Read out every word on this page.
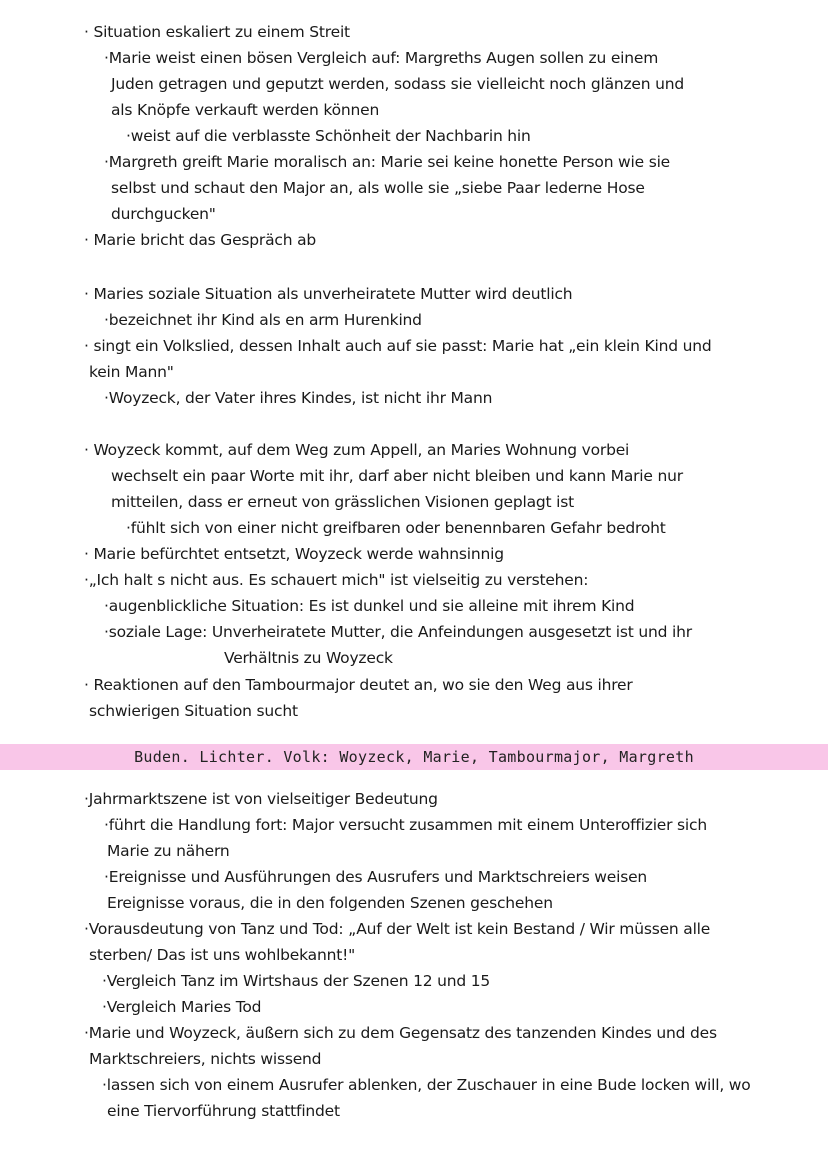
· Situation eskaliert zu einem Streit
·Marie weist einen bösen Vergleich auf: Margreths Augen sollen zu einem
Juden getragen und geputzt werden, sodass sie vielleicht noch glänzen und
als Knöpfe verkauft werden können
·weist auf die verblasste Schönheit der Nachbarin hin
·Margreth greift Marie moralisch an: Marie sei keine honette Person wie sie
selbst und schaut den Major an, als wolle sie „siebe Paar lederne Hose
durchgucken"
· Marie bricht das Gespräch ab
· Maries soziale Situation als unverheiratete Mutter wird deutlich
·bezeichnet ihr Kind als en arm Hurenkind
· singt ein Volkslied, dessen Inhalt auch auf sie passt: Marie hat „ein klein Kind und
kein Mann"
·Woyzeck, der Vater ihres Kindes, ist nicht ihr Mann
· Woyzeck kommt, auf dem Weg zum Appell, an Maries Wohnung vorbei
wechselt ein paar Worte mit ihr, darf aber nicht bleiben und kann Marie nur
mitteilen, dass er erneut von grässlichen Visionen geplagt ist
·fühlt sich von einer nicht greifbaren oder benennbaren Gefahr bedroht
· Marie befürchtet entsetzt, Woyzeck werde wahnsinnig
·„Ich halt s nicht aus. Es schauert mich" ist vielseitig zu verstehen:
·augenblickliche Situation: Es ist dunkel und sie alleine mit ihrem Kind
·soziale Lage: Unverheiratete Mutter, die Anfeindungen ausgesetzt ist und ihr
Verhältnis zu Woyzeck
· Reaktionen auf den Tambourmajor deutet an, wo sie den Weg aus ihrer
schwierigen Situation sucht
Buden. Lichter. Volk: Woyzeck, Marie, Tambourmajor, Margreth
·Jahrmarktszene ist von vielseitiger Bedeutung
·führt die Handlung fort: Major versucht zusammen mit einem Unteroffizier sich
Marie zu nähern
·Ereignisse und Ausführungen des Ausrufers und Marktschreiers weisen
Ereignisse voraus, die in den folgenden Szenen geschehen
·Vorausdeutung von Tanz und Tod: „Auf der Welt ist kein Bestand / Wir müssen alle
sterben/ Das ist uns wohlbekannt!"
·Vergleich Tanz im Wirtshaus der Szenen 12 und 15
·Vergleich Maries Tod
·Marie und Woyzeck, äußern sich zu dem Gegensatz des tanzenden Kindes und des
Marktschreiers, nichts wissend
·lassen sich von einem Ausrufer ablenken, der Zuschauer in eine Bude locken will, wo
eine Tiervorführung stattfindet
